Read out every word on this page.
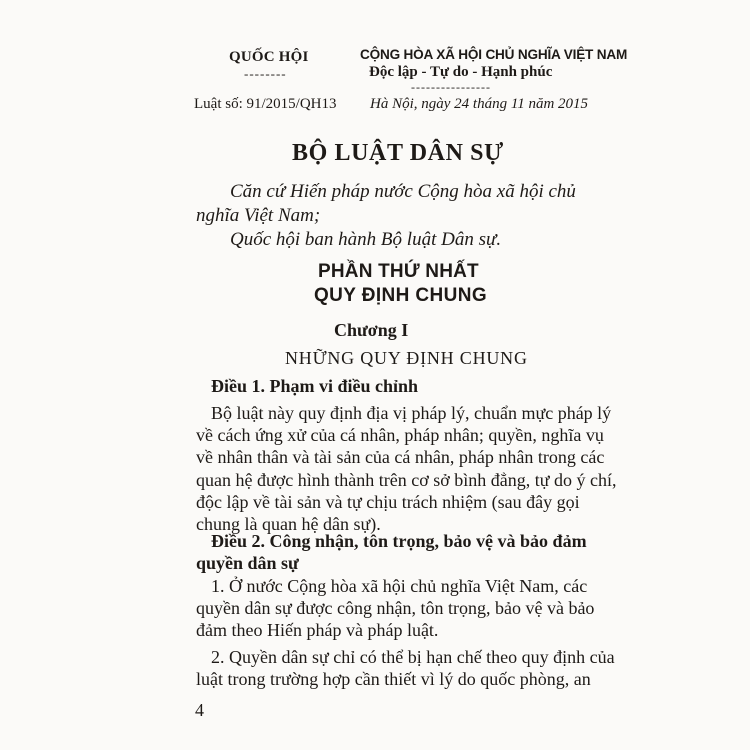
QUỐC HỘI
--------
CỘNG HÒA XÃ HỘI CHỦ NGHĨA VIỆT NAM
Độc lập - Tự do - Hạnh phúc
----------------
Luật số: 91/2015/QH13 Hà Nội, ngày 24 tháng 11 năm 2015
BỘ LUẬT DÂN SỰ

Căn cứ Hiến pháp nước Cộng hòa xã hội chủ

nghĩa Việt Nam;

Quốc hội ban hành Bộ luật Dân sự.

PHẦN THỨ NHẤT
QUY ĐỊNH CHUNG
Chương I
NHỮNG QUY ĐỊNH CHUNG
Điều 1. Phạm vi điều chỉnh
Bộ luật này quy định địa vị pháp lý, chuẩn mực pháp lý
về cách ứng xử của cá nhân, pháp nhân; quyền, nghĩa vụ
về nhân thân và tài sản của cá nhân, pháp nhân trong các
quan hệ được hình thành trên cơ sở bình đẳng, tự do ý chí,
độc lập về tài sản và tự chịu trách nhiệm (sau đây gọi
chung là quan hệ dân sự).
Điều 2. Công nhận, tôn trọng, bảo vệ và bảo đảm
quyền dân sự
1. Ở nước Cộng hòa xã hội chủ nghĩa Việt Nam, các
quyền dân sự được công nhận, tôn trọng, bảo vệ và bảo
đảm theo Hiến pháp và pháp luật.
2. Quyền dân sự chỉ có thể bị hạn chế theo quy định của
luật trong trường hợp cần thiết vì lý do quốc phòng, an
4
